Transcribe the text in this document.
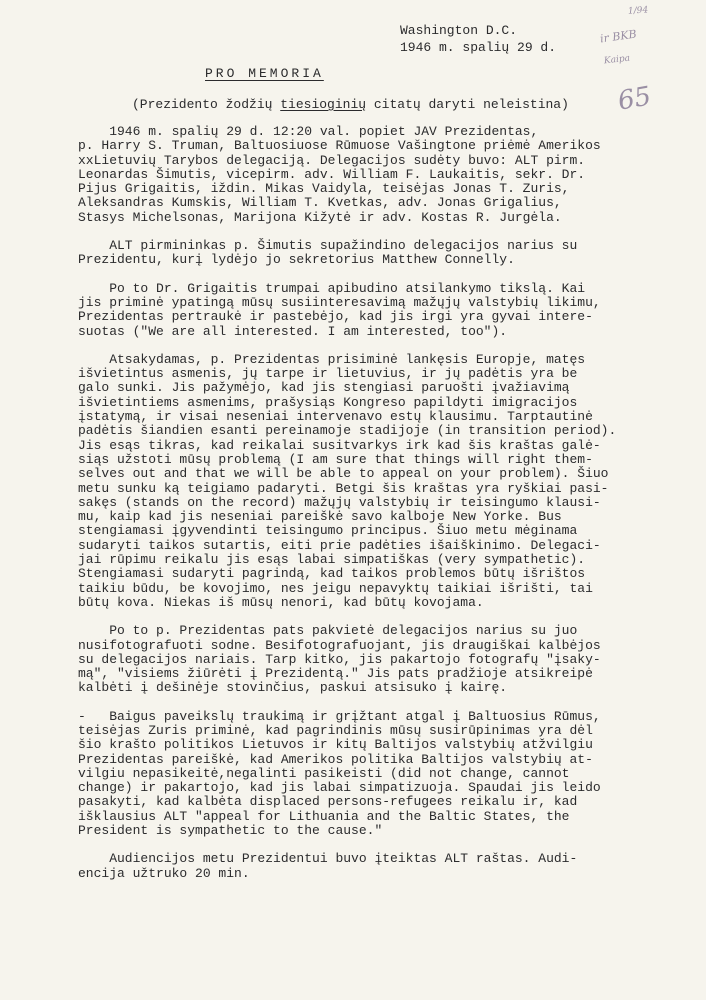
Washington D.C.
1946 m. spalių 29 d.
1/94
ir BKB
Kaipa
65
PRO MEMORIA
(Prezidento žodžių tiesioginių citatų daryti neleistina)
1946 m. spalių 29 d. 12:20 val. popiet JAV Prezidentas,
p. Harry S. Truman, Baltuosiuose Rūmuose Vašingtone priėmė Amerikos
xxLietuvių Tarybos delegaciją. Delegacijos sudėty buvo: ALT pirm.
Leonardas Šimutis, vicepirm. adv. William F. Laukaitis, sekr. Dr.
Pijus Grigaitis, iždin. Mikas Vaidyla, teisėjas Jonas T. Zuris,
Aleksandras Kumskis, William T. Kvetkas, adv. Jonas Grigalius,
Stasys Michelsonas, Marijona Kižytė ir adv. Kostas R. Jurgėla.
ALT pirmininkas p. Šimutis supažindino delegacijos narius su
Prezidentu, kurį lydėjo jo sekretorius Matthew Connelly.
Po to Dr. Grigaitis trumpai apibudino atsilankymo tikslą. Kai
jis priminė ypatingą mūsų susiinteresavimą mažųjų valstybių likimu,
Prezidentas pertraukė ir pastebėjo, kad jis irgi yra gyvai intere-
suotas ("We are all interested. I am interested, too").
Atsakydamas, p. Prezidentas prisiminė lankęsis Europje, matęs
išvietintus asmenis, jų tarpe ir lietuvius, ir jų padėtis yra be
galo sunki. Jis pažymėjo, kad jis stengiasi paruošti įvažiavimą
išvietintiems asmenims, prašysiąs Kongreso papildyti imigracijos
įstatymą, ir visai neseniai intervenavo estų klausimu. Tarptautinė
padėtis šiandien esanti pereinamoje stadijoje (in transition period).
Jis esąs tikras, kad reikalai susitvarkys irk kad šis kraštas galė-
siąs užstoti mūsų problemą (I am sure that things will right them-
selves out and that we will be able to appeal on your problem). Šiuo
metu sunku ką teigiamo padaryti. Betgi šis kraštas yra ryškiai pasi-
sakęs (stands on the record) mažųjų valstybių ir teisingumo klausi-
mu, kaip kad jis neseniai pareiškė savo kalboje New Yorke. Bus
stengiamasi įgyvendinti teisingumo principus. Šiuo metu mėginama
sudaryti taikos sutartis, eiti prie padėties išaiškinimo. Delegaci-
jai rūpimu reikalu jis esąs labai simpatiškas (very sympathetic).
Stengiamasi sudaryti pagrindą, kad taikos problemos būtų išrištos
taikiu būdu, be kovojimo, nes jeigu nepavyktų taikiai išrišti, tai
būtų kova. Niekas iš mūsų nenori, kad būtų kovojama.
Po to p. Prezidentas pats pakvietė delegacijos narius su juo
nusifotografuoti sodne. Besifotografuojant, jis draugiškai kalbėjos
su delegacijos nariais. Tarp kitko, jis pakartojo fotografų "įsaky-
mą", "visiems žiūrėti į Prezidentą." Jis pats pradžioje atsikreipė
kalbėti į dešinėje stovinčius, paskui atsisuko į kairę.
-   Baigus paveikslų traukimą ir grįžtant atgal į Baltuosius Rūmus,
teisėjas Zuris priminė, kad pagrindinis mūsų susirūpinimas yra dėl
šio krašto politikos Lietuvos ir kitų Baltijos valstybių atžvilgiu
Prezidentas pareiškė, kad Amerikos politika Baltijos valstybių at-
vilgiu nepasikeitė,negalinti pasikeisti (did not change, cannot
change) ir pakartojo, kad jis labai simpatizuoja. Spaudai jis leido
pasakyti, kad kalbėta displaced persons-refugees reikalu ir, kad
išklausius ALT "appeal for Lithuania and the Baltic States, the
President is sympathetic to the cause."
Audiencijos metu Prezidentui buvo įteiktas ALT raštas. Audi-
encija užtruko 20 min.
